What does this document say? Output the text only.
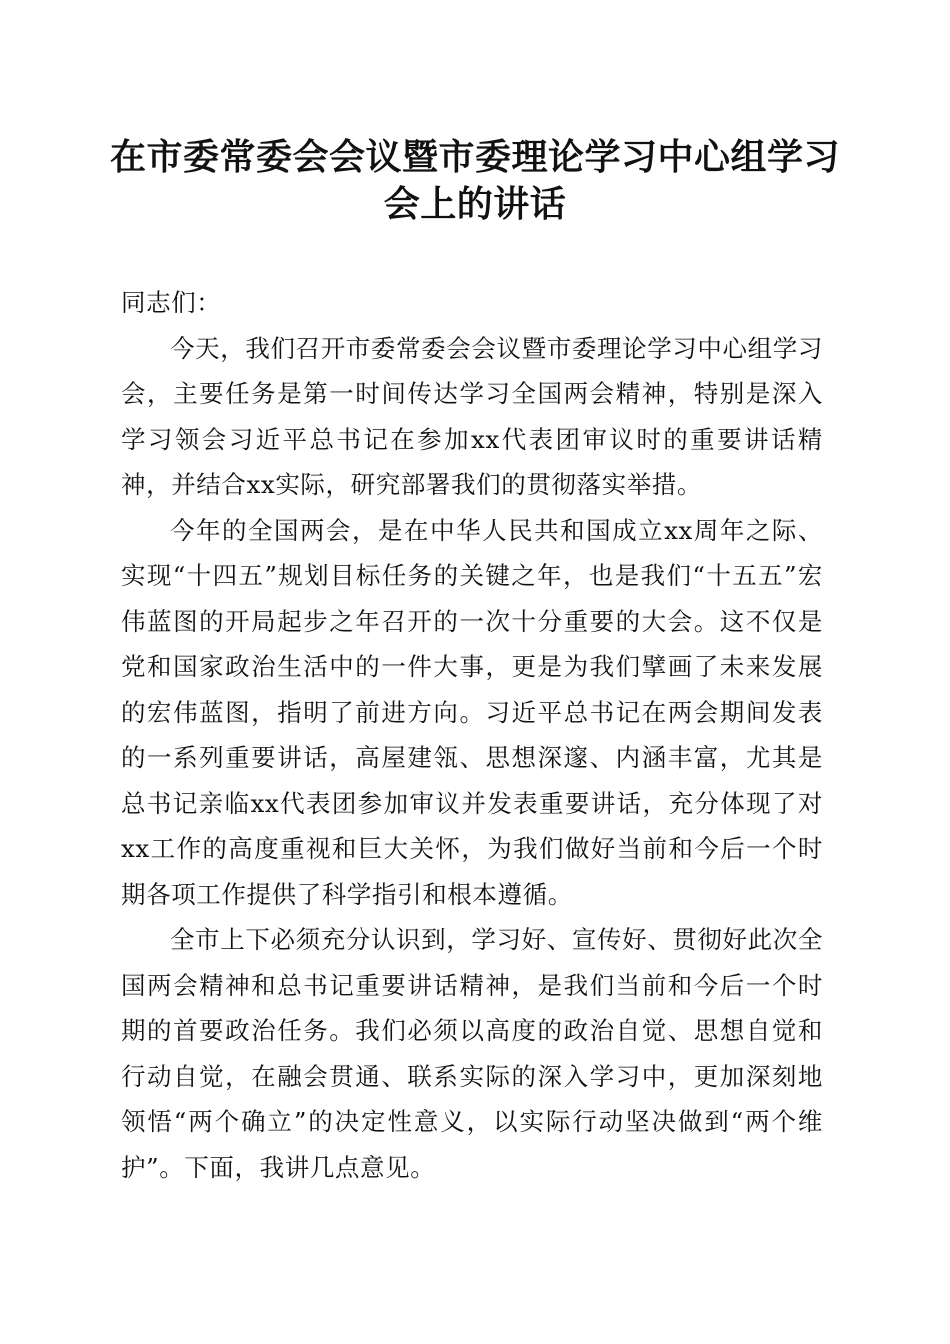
在市委常委会会议暨市委理论学习中心组学习会上的讲话

同志们：

今天，我们召开市委常委会会议暨市委理论学习中心组学习会，主要任务是第一时间传达学习全国两会精神，特别是深入学习领会习近平总书记在参加xx代表团审议时的重要讲话精神，并结合xx实际，研究部署我们的贯彻落实举措。

今年的全国两会，是在中华人民共和国成立xx周年之际、实现“十四五”规划目标任务的关键之年，也是我们“十五五”宏伟蓝图的开局起步之年召开的一次十分重要的大会。这不仅是党和国家政治生活中的一件大事，更是为我们擘画了未来发展的宏伟蓝图，指明了前进方向。习近平总书记在两会期间发表的一系列重要讲话，高屋建瓴、思想深邃、内涵丰富，尤其是总书记亲临xx代表团参加审议并发表重要讲话，充分体现了对xx工作的高度重视和巨大关怀，为我们做好当前和今后一个时期各项工作提供了科学指引和根本遵循。

全市上下必须充分认识到，学习好、宣传好、贯彻好此次全国两会精神和总书记重要讲话精神，是我们当前和今后一个时期的首要政治任务。我们必须以高度的政治自觉、思想自觉和行动自觉，在融会贯通、联系实际的深入学习中，更加深刻地领悟“两个确立”的决定性意义，以实际行动坚决做到“两个维护”。下面，我讲几点意见。
